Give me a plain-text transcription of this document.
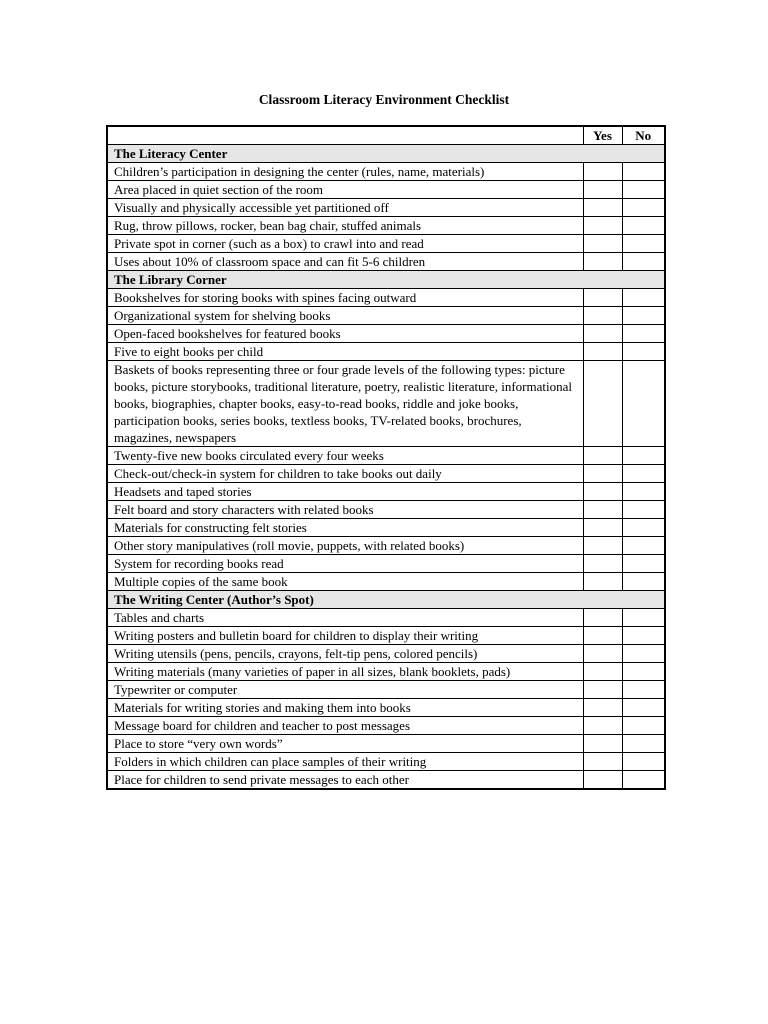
Classroom Literacy Environment Checklist
	Yes	No
The Literacy Center		
Children’s participation in designing the center (rules, name, materials)		
Area placed in quiet section of the room		
Visually and physically accessible yet partitioned off		
Rug, throw pillows, rocker, bean bag chair, stuffed animals		
Private spot in corner (such as a box) to crawl into and read		
Uses about 10% of classroom space and can fit 5-6 children		
The Library Corner		
Bookshelves for storing books with spines facing outward		
Organizational system for shelving books		
Open-faced bookshelves for featured books		
Five to eight books per child		
Baskets of books representing three or four grade levels of the following types: picture books, picture storybooks, traditional literature, poetry, realistic literature, informational books, biographies, chapter books, easy-to-read books, riddle and joke books, participation books, series books, textless books, TV-related books, brochures, magazines, newspapers		
Twenty-five new books circulated every four weeks		
Check-out/check-in system for children to take books out daily		
Headsets and taped stories		
Felt board and story characters with related books		
Materials for constructing felt stories		
Other story manipulatives (roll movie, puppets, with related books)		
System for recording books read		
Multiple copies of the same book		
The Writing Center (Author’s Spot)		
Tables and charts		
Writing posters and bulletin board for children to display their writing		
Writing utensils (pens, pencils, crayons, felt-tip pens, colored pencils)		
Writing materials (many varieties of paper in all sizes, blank booklets, pads)		
Typewriter or computer		
Materials for writing stories and making them into books		
Message board for children and teacher to post messages		
Place to store “very own words”		
Folders in which children can place samples of their writing		
Place for children to send private messages to each other		
